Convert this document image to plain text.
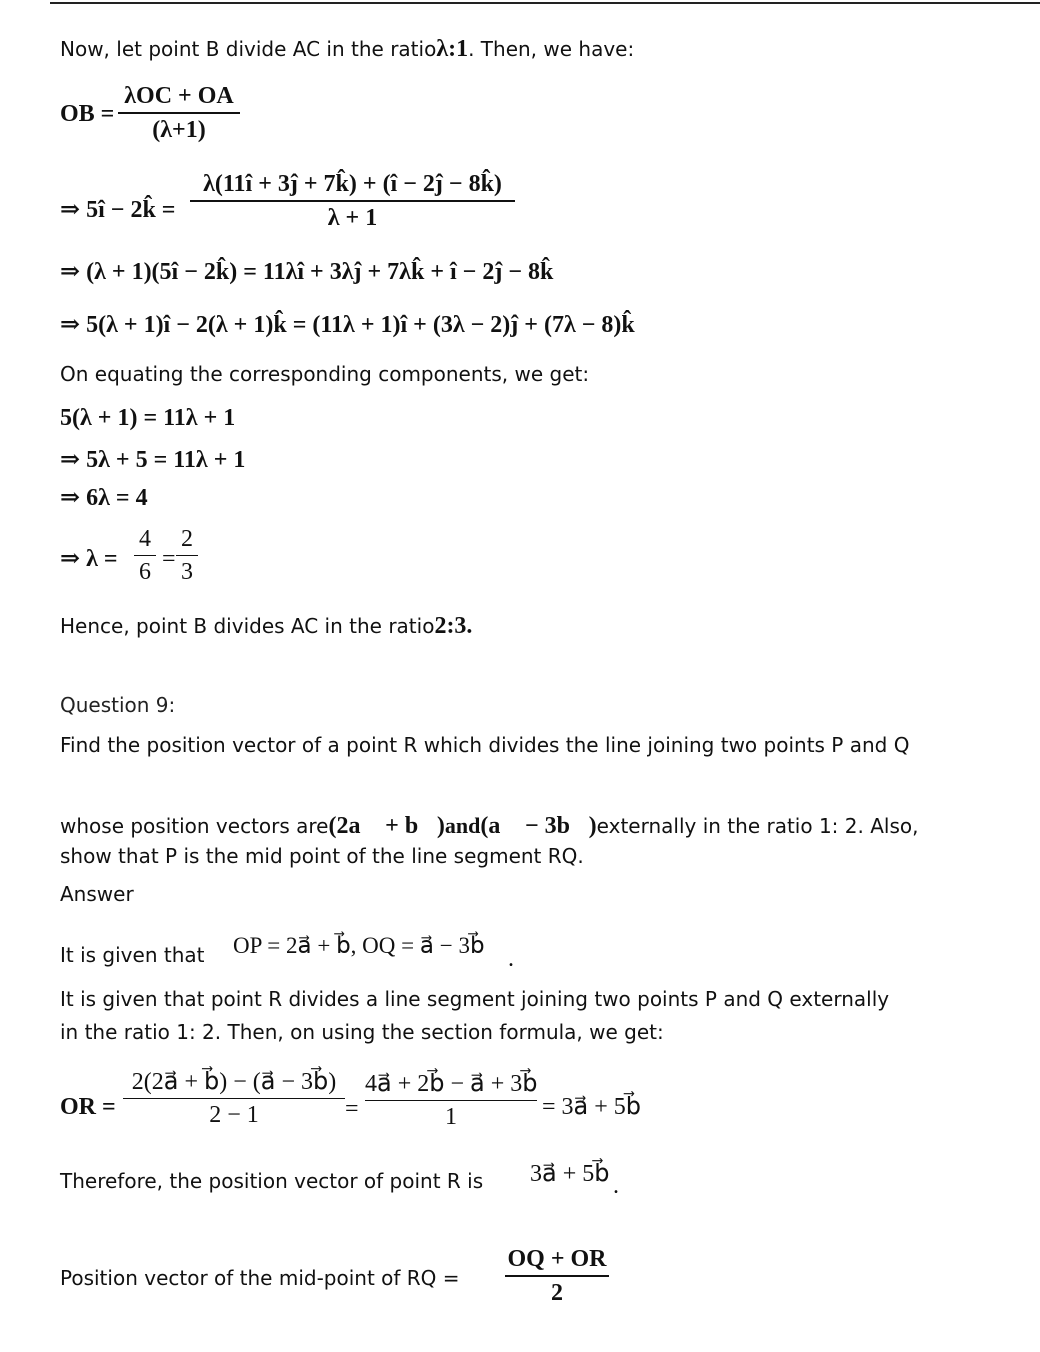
Now, let point B divide AC in the ratioλ:1. Then, we have:
OB =
λOC + OA
(λ+1)
⇒ 5î − 2k̂ =
λ(11î + 3ĵ + 7k̂) + (î − 2ĵ − 8k̂)
λ + 1
⇒ (λ + 1)(5î − 2k̂) = 11λî + 3λĵ + 7λk̂ + î − 2ĵ − 8k̂
⇒ 5(λ + 1)î − 2(λ + 1)k̂ = (11λ + 1)î + (3λ − 2)ĵ + (7λ − 8)k̂
On equating the corresponding components, we get:
5(λ + 1) = 11λ + 1
⇒ 5λ + 5 = 11λ + 1
⇒ 6λ = 4
⇒ λ =
4
6 =
2
3
Hence, point B divides AC in the ratio2:3.
Question 9:
Find the position vector of a point R which divides the line joining two points P and Q
whose position vectors are(2a⃗ + b⃗)and(a⃗ − 3b⃗)externally in the ratio 1: 2. Also,
show that P is the mid point of the line segment RQ.
Answer
It is given that OP = 2a⃗ + b⃗, OQ = a⃗ − 3b⃗
.
It is given that point R divides a line segment joining two points P and Q externally
in the ratio 1: 2. Then, on using the section formula, we get:
OR =
2(2a⃗ + b⃗) − (a⃗ − 3b⃗)
2 − 1	=
4a⃗ + 2b⃗ − a⃗ + 3b⃗
1	= 3a⃗ + 5b⃗
Therefore, the position vector of point R is 3a⃗ + 5b⃗ .
Position vector of the mid-point of RQ =
OQ + OR
2
